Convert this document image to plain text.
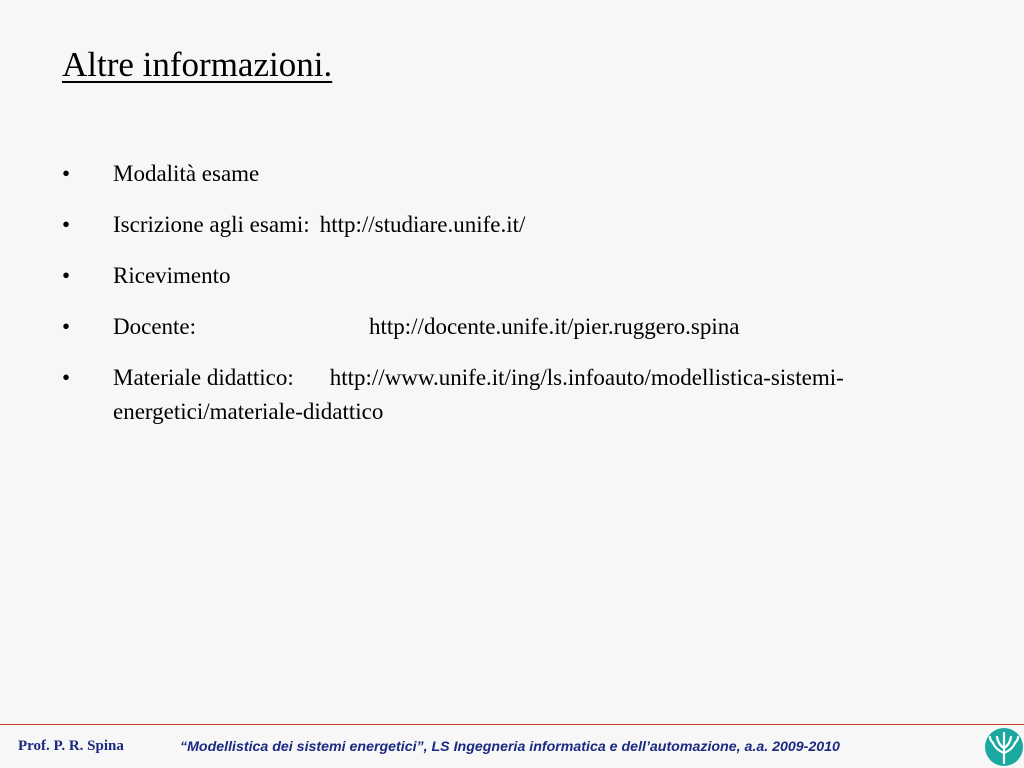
Altre informazioni.
• Modalità esame
• Iscrizione agli esami: http://studiare.unife.it/
• Ricevimento
• Docente:	http://docente.unife.it/pier.ruggero.spina
• Materiale didattico: http://www.unife.it/ing/ls.infoauto/modellistica-sistemi-energetici/materiale-didattico
Prof. P. R. Spina	“Modellistica dei sistemi energetici”, LS Ingegneria informatica e dell’automazione, a.a. 2009-2010
